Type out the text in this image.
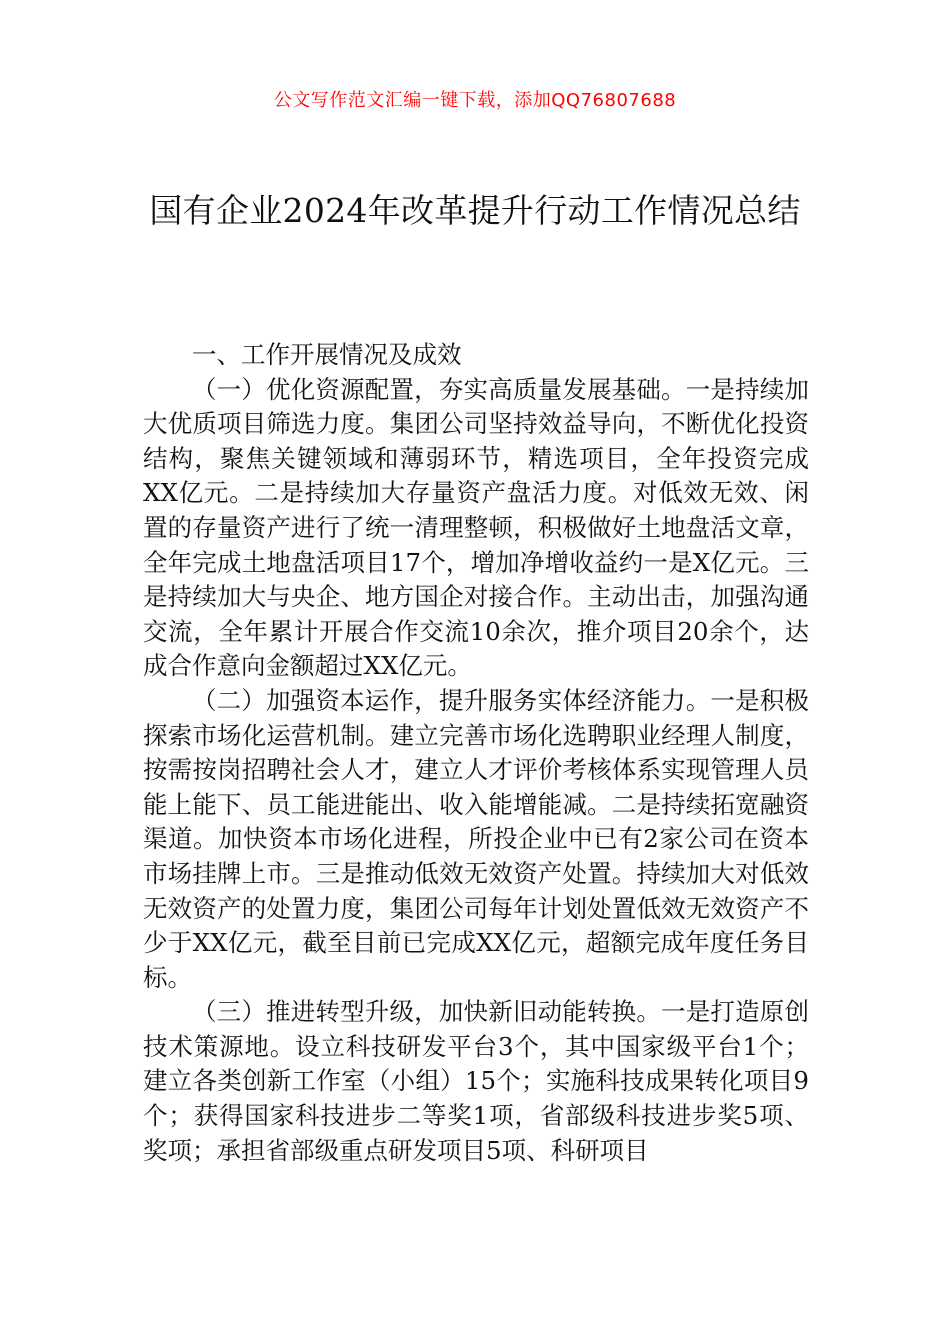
公文写作范文汇编一键下载，添加QQ76807688
国有企业2024年改革提升行动工作情况总结

一、工作开展情况及成效

（一）优化资源配置，夯实高质量发展基础。一是持续加大优质项目筛选力度。集团公司坚持效益导向，不断优化投资结构，聚焦关键领域和薄弱环节，精选项目，全年投资完成XX亿元。二是持续加大存量资产盘活力度。对低效无效、闲置的存量资产进行了统一清理整顿，积极做好土地盘活文章，全年完成土地盘活项目17个，增加净增收益约一是X亿元。三是持续加大与央企、地方国企对接合作。主动出击，加强沟通交流，全年累计开展合作交流10余次，推介项目20余个，达成合作意向金额超过XX亿元。

（二）加强资本运作，提升服务实体经济能力。一是积极探索市场化运营机制。建立完善市场化选聘职业经理人制度，按需按岗招聘社会人才，建立人才评价考核体系实现管理人员能上能下、员工能进能出、收入能增能减。二是持续拓宽融资渠道。加快资本市场化进程，所投企业中已有2家公司在资本市场挂牌上市。三是推动低效无效资产处置。持续加大对低效无效资产的处置力度，集团公司每年计划处置低效无效资产不少于XX亿元，截至目前已完成XX亿元，超额完成年度任务目标。

（三）推进转型升级，加快新旧动能转换。一是打造原创技术策源地。设立科技研发平台3个，其中国家级平台1个；建立各类创新工作室（小组）15个；实施科技成果转化项目9个；获得国家科技进步二等奖1项，省部级科技进步奖5项、奖项；承担省部级重点研发项目5项、科研项目
